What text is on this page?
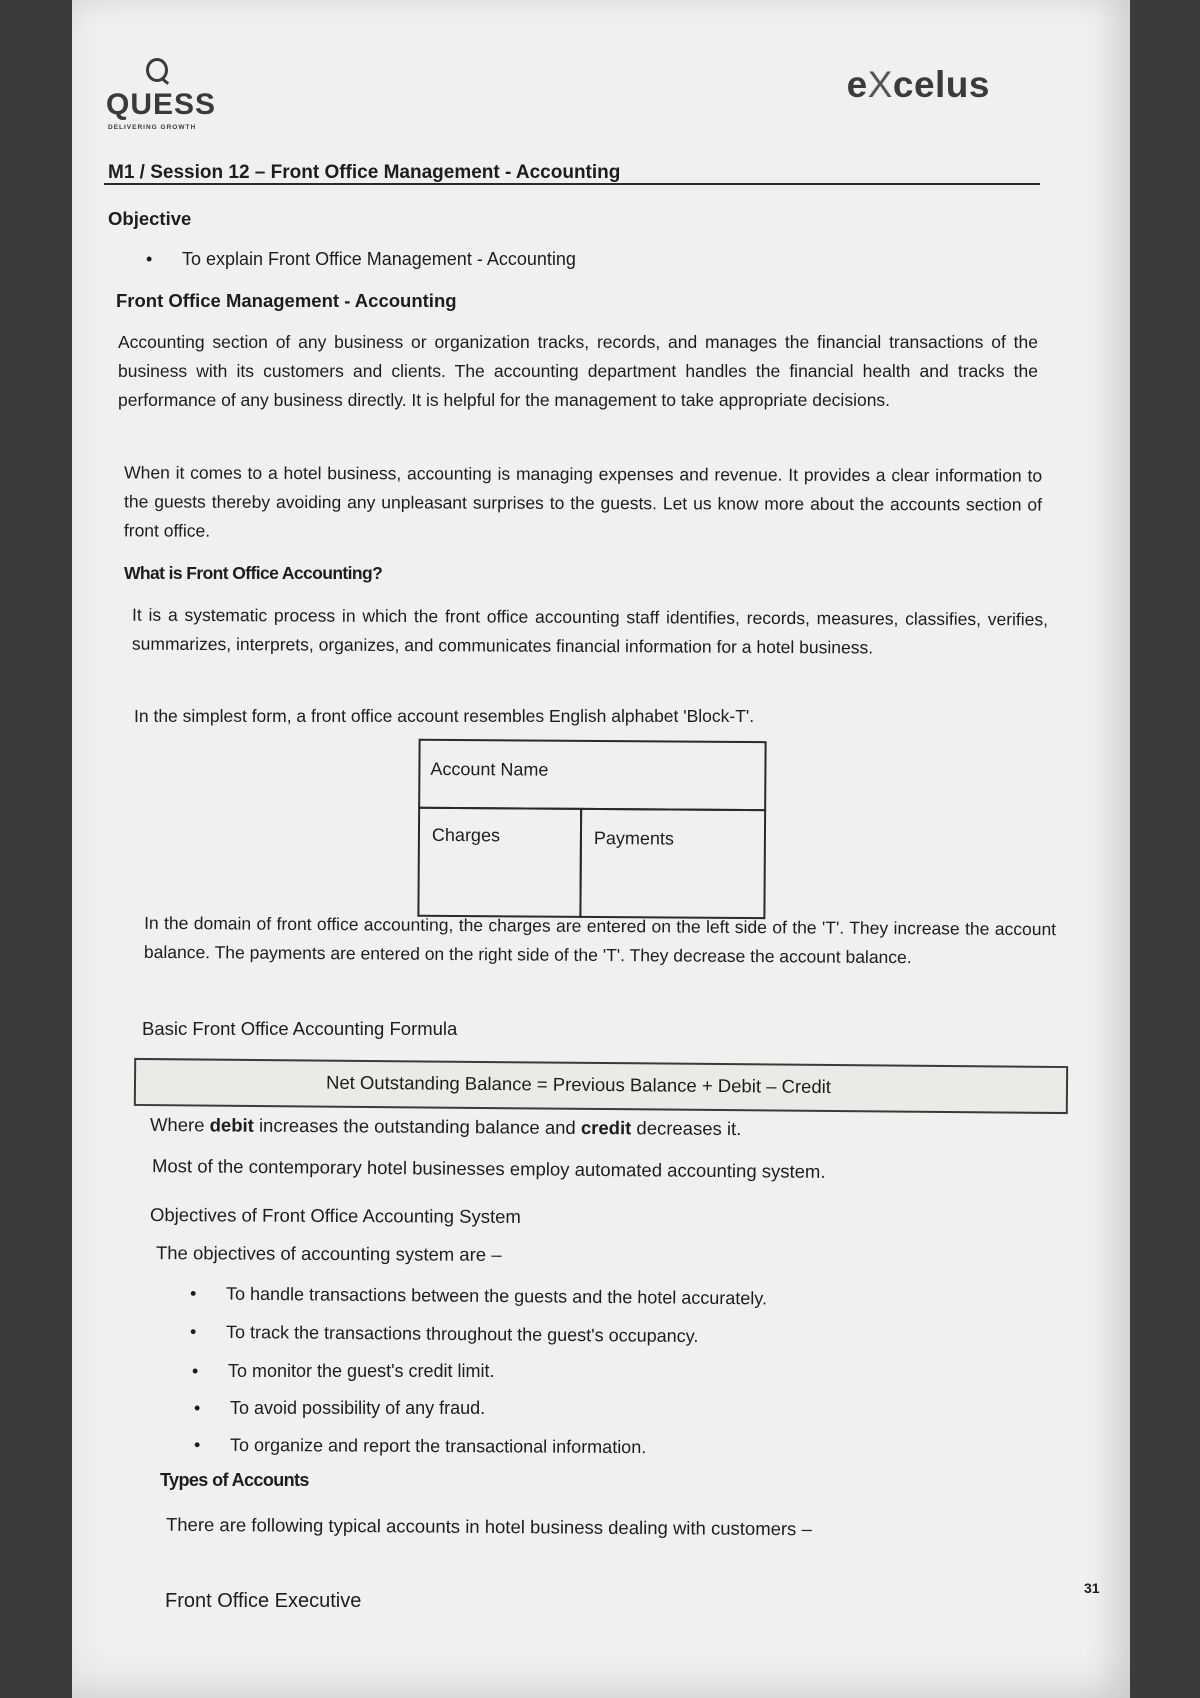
QUESS
DELIVERING GROWTH
eXcelus
M1 / Session 12 – Front Office Management - Accounting
Objective
• To explain Front Office Management - Accounting
Front Office Management - Accounting
Accounting section of any business or organization tracks, records, and manages the financial transactions of the business with its customers and clients. The accounting department handles the financial health and tracks the performance of any business directly. It is helpful for the management to take appropriate decisions.
When it comes to a hotel business, accounting is managing expenses and revenue. It provides a clear information to the guests thereby avoiding any unpleasant surprises to the guests. Let us know more about the accounts section of front office.
What is Front Office Accounting?
It is a systematic process in which the front office accounting staff identifies, records, measures, classifies, verifies, summarizes, interprets, organizes, and communicates financial information for a hotel business.
In the simplest form, a front office account resembles English alphabet 'Block-T'.
Account Name
Charges	Payments
In the domain of front office accounting, the charges are entered on the left side of the 'T'. They increase the account balance. The payments are entered on the right side of the 'T'. They decrease the account balance.
Basic Front Office Accounting Formula
Net Outstanding Balance = Previous Balance + Debit – Credit
Where debit increases the outstanding balance and credit decreases it.
Most of the contemporary hotel businesses employ automated accounting system.
Objectives of Front Office Accounting System
The objectives of accounting system are –
• To handle transactions between the guests and the hotel accurately.
• To track the transactions throughout the guest's occupancy.
• To monitor the guest's credit limit.
• To avoid possibility of any fraud.
• To organize and report the transactional information.
Types of Accounts
There are following typical accounts in hotel business dealing with customers –
Front Office Executive
31
